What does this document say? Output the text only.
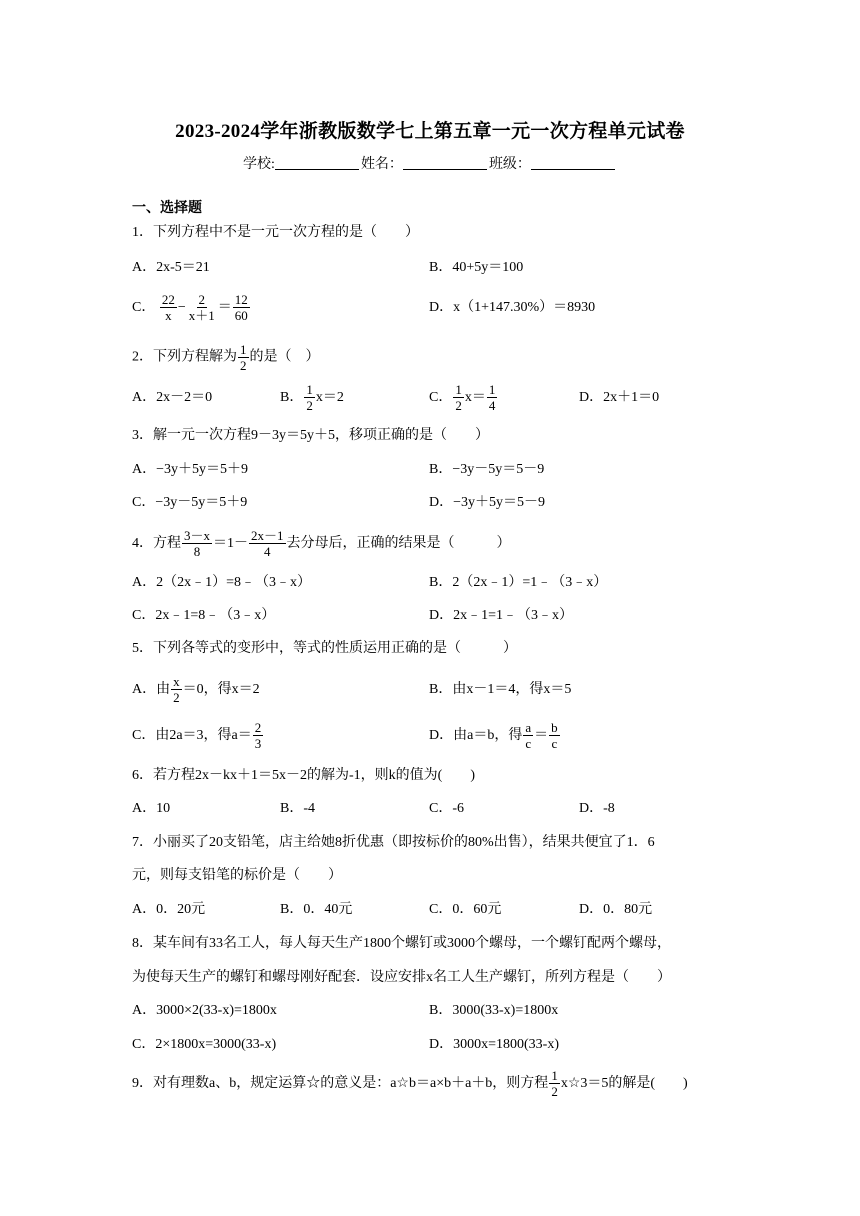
2023-2024学年浙教版数学七上第五章一元一次方程单元试卷
学校:	姓名：	班级：
一、选择题
1．下列方程中不是一元一次方程的是（　　）
A．2x-5＝21	B．40+5y＝100
C． $\frac{22}{x} - \frac{2}{x+1} = \frac{12}{60}$	D．x（1+147.30%）＝8930
2．下列方程解为 $\frac{1}{2}$ 的是（　）
A．2x－2＝0	B． $\frac{1}{2} x=2$	C． $\frac{1}{2} x= \frac{1}{4}$	D．2x＋1＝0
3．解一元一次方程9－3y＝5y＋5，移项正确的是（　　）
A．−3y＋5y＝5＋9	B．−3y－5y＝5－9
C．−3y－5y＝5＋9	D．−3y＋5y＝5－9
4．方程 $\frac{3-x}{8} =1- \frac{2x-1}{4}$ 去分母后，正确的结果是（　　　）
A．2（2x﹣1）=8﹣（3﹣x）	B．2（2x﹣1）=1﹣（3﹣x）
C．2x﹣1=8﹣（3﹣x）	D．2x﹣1=1﹣（3﹣x）
5．下列各等式的变形中，等式的性质运用正确的是（　　　）
A．由 $\frac{x}{2} =0$，得x＝2	B．由x－1＝4，得x＝5
C．由2a＝3，得$a= \frac{2}{3}$	D．由a＝b，得 $\frac{a}{c} = \frac{b}{c}$
6．若方程2x－kx＋1＝5x－2的解为-1，则k的值为(　　)
A．10	B．-4	C．-6	D．-8
7．小丽买了20支铅笔，店主给她8折优惠（即按标价的80%出售），结果共便宜了1．6
元，则每支铅笔的标价是（　　）
A．0．20元	B．0．40元	C．0．60元	D．0．80元
8．某车间有33名工人，每人每天生产1800个螺钉或3000个螺母，一个螺钉配两个螺母，
为使每天生产的螺钉和螺母刚好配套．设应安排x名工人生产螺钉，所列方程是（　　）
A．3000×2(33-x)=1800x	B．3000(33-x)=1800x
C．2×1800x=3000(33-x)	D．3000x=1800(33-x)
9．对有理数a、b，规定运算☆的意义是：a☆b＝a×b＋a＋b，则方程 $\frac{1}{2}$ x☆3＝5的解是(　　)
